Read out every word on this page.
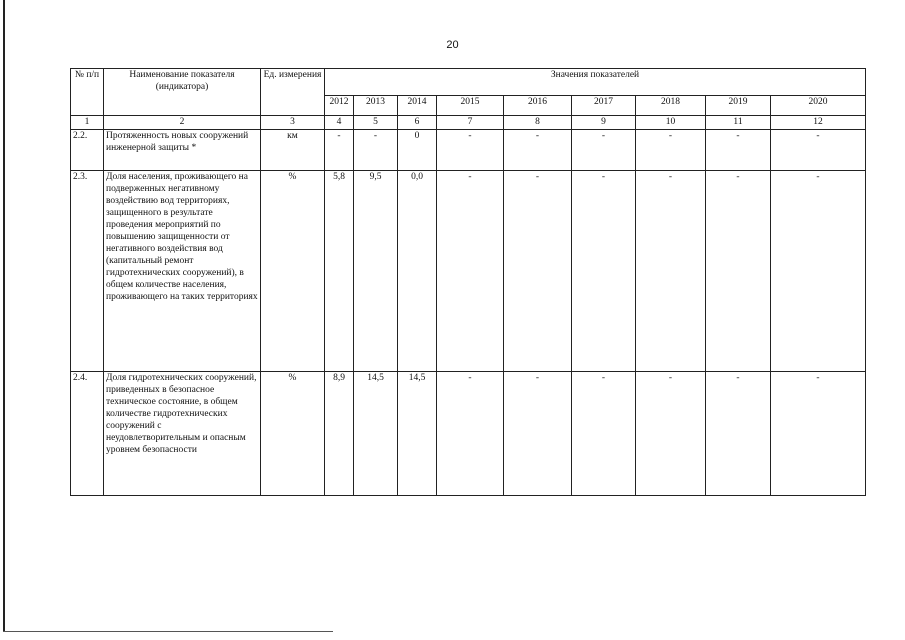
20
№ п/п	Наименование показателя (индикатора)	Ед. измерения	Значения показателей								
			2012	2013	2014	2015	2016	2017	2018	2019	2020
1	2	3	4	5	6	7	8	9	10	11	12
2.2.	Протяженность новых сооружений инженерной защиты *	км	-	-	0	-	-	-	-	-	-
2.3.	Доля населения, проживающего на подверженных негативному воздействию вод территориях, защищенного в результате проведения мероприятий по повышению защищенности от негативного воздействия вод (капитальный ремонт гидротехнических сооружений), в общем количестве населения, проживающего на таких территориях	%	5,8	9,5	0,0	-	-	-	-	-	-
2.4.	Доля гидротехнических сооружений, приведенных в безопасное техническое состояние, в общем количестве гидротехнических сооружений с неудовлетворительным и опасным уровнем безопасности	%	8,9	14,5	14,5	-	-	-	-	-	-
